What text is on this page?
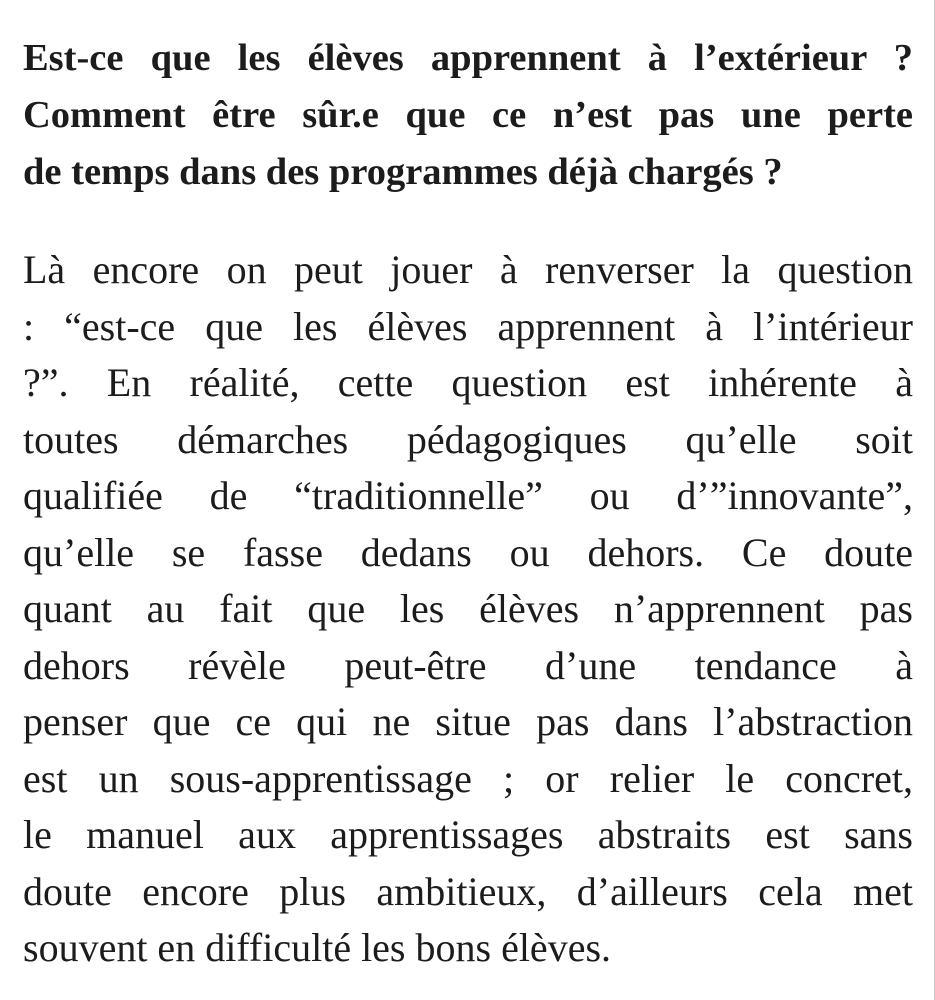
Est-ce que les élèves apprennent à l’extérieur ?
Comment être sûr.e que ce n’est pas une perte
de temps dans des programmes déjà chargés ?
Là encore on peut jouer à renverser la question
: “est-ce que les élèves apprennent à l’intérieur
?”. En réalité, cette question est inhérente à
toutes démarches pédagogiques qu’elle soit
qualifiée de “traditionnelle” ou d’”innovante”,
qu’elle se fasse dedans ou dehors. Ce doute
quant au fait que les élèves n’apprennent pas
dehors révèle peut-être d’une tendance à
penser que ce qui ne situe pas dans l’abstraction
est un sous-apprentissage ; or relier le concret,
le manuel aux apprentissages abstraits est sans
doute encore plus ambitieux, d’ailleurs cela met
souvent en difficulté les bons élèves.
